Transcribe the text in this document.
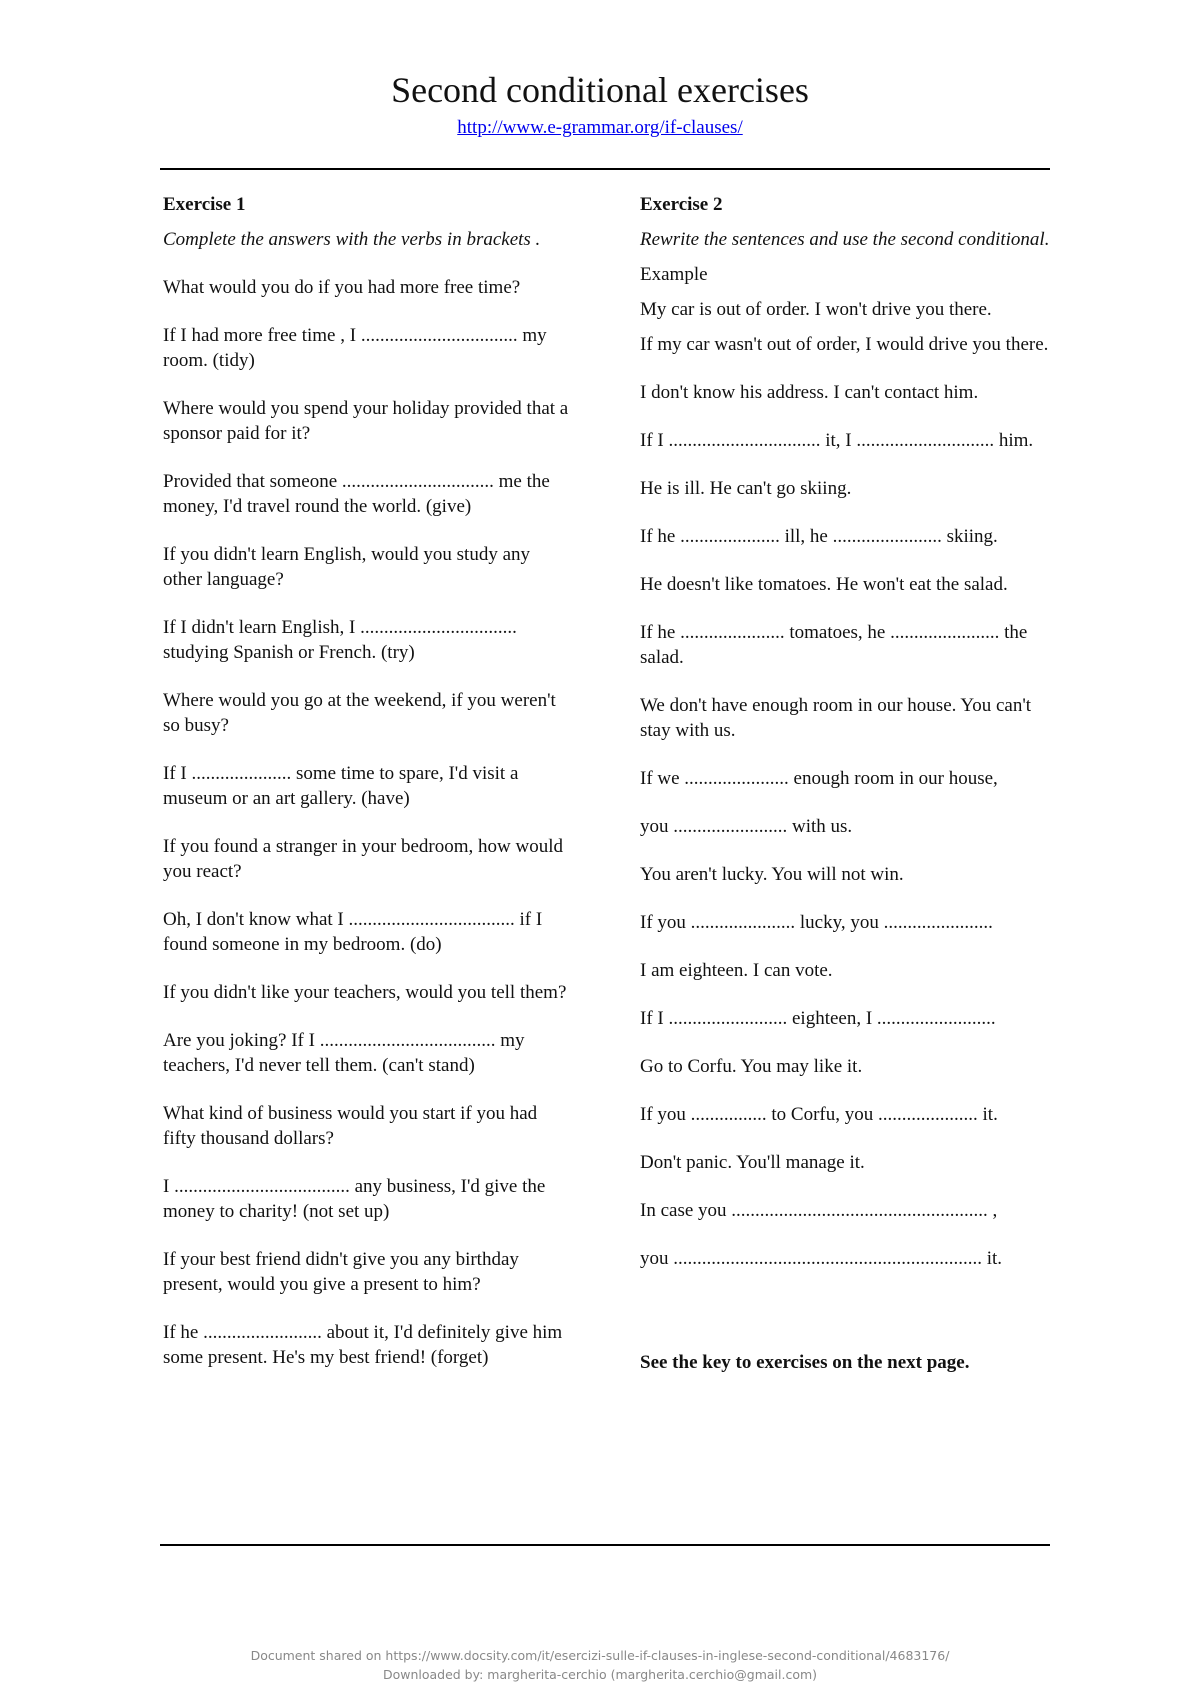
Second conditional exercises
http://www.e-grammar.org/if-clauses/
Exercise 1
Complete the answers with the verbs in brackets .
What would you do if you had more free time?
If I had more free time , I ................................. my room. (tidy)
Where would you spend your holiday provided that a sponsor paid for it?
Provided that someone ................................ me the money, I'd travel round the world. (give)
If you didn't learn English, would you study any other language?
If I didn't learn English, I ................................. studying Spanish or French. (try)
Where would you go at the weekend, if you weren't so busy?
If I ..................... some time to spare, I'd visit a museum or an art gallery. (have)
If you found a stranger in your bedroom, how would you react?
Oh, I don't know what I ................................... if I found someone in my bedroom. (do)
If you didn't like your teachers, would you tell them?
Are you joking? If I ..................................... my teachers, I'd never tell them. (can't stand)
What kind of business would you start if you had fifty thousand dollars?
I ..................................... any business, I'd give the money to charity! (not set up)
If your best friend didn't give you any birthday present, would you give a present to him?
If he ......................... about it, I'd definitely give him some present. He's my best friend! (forget)
Exercise 2
Rewrite the sentences and use the second conditional.
Example
My car is out of order. I won't drive you there.
If my car wasn't out of order, I would drive you there.
I don't know his address. I can't contact him.
If I ................................ it, I ............................. him.
He is ill. He can't go skiing.
If he ..................... ill, he ....................... skiing.
He doesn't like tomatoes. He won't eat the salad.
If he ...................... tomatoes, he ....................... the salad.
We don't have enough room in our house. You can't stay with us.
If we ...................... enough room in our house,
you ........................ with us.
You aren't lucky. You will not win.
If you ...................... lucky, you .......................
I am eighteen. I can vote.
If I ......................... eighteen, I .........................
Go to Corfu. You may like it.
If you ................ to Corfu, you ..................... it.
Don't panic. You'll manage it.
In case you ...................................................... ,
you ................................................................. it.
See the key to exercises on the next page.
Document shared on https://www.docsity.com/it/esercizi-sulle-if-clauses-in-inglese-second-conditional/4683176/
Downloaded by: margherita-cerchio (margherita.cerchio@gmail.com)
